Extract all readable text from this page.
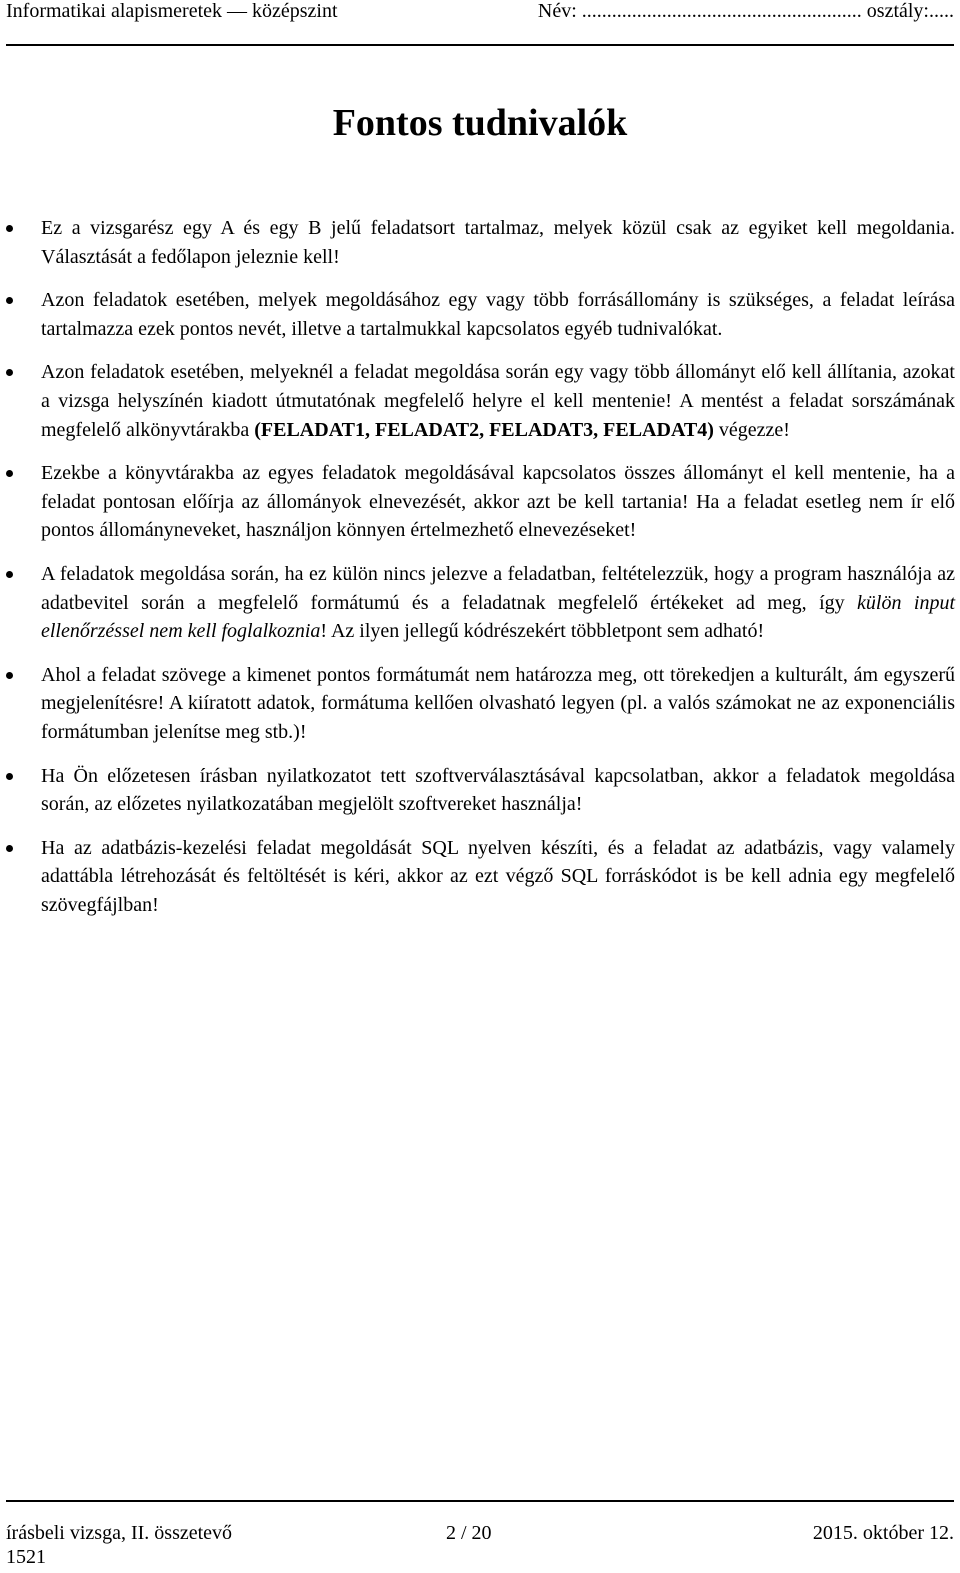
Informatikai alapismeretek — középszint	Név: ........................................................ osztály:.....
Fontos tudnivalók
Ez a vizsgarész egy A és egy B jelű feladatsort tartalmaz, melyek közül csak az egyiket kell megoldania. Választását a fedőlapon jeleznie kell!
Azon feladatok esetében, melyek megoldásához egy vagy több forrásállomány is szükséges, a feladat leírása tartalmazza ezek pontos nevét, illetve a tartalmukkal kapcsolatos egyéb tudnivalókat.
Azon feladatok esetében, melyeknél a feladat megoldása során egy vagy több állományt elő kell állítania, azokat a vizsga helyszínén kiadott útmutatónak megfelelő helyre el kell mentenie! A mentést a feladat sorszámának megfelelő alkönyvtárakba (FELADAT1, FELADAT2, FELADAT3, FELADAT4) végezze!
Ezekbe a könyvtárakba az egyes feladatok megoldásával kapcsolatos összes állományt el kell mentenie, ha a feladat pontosan előírja az állományok elnevezését, akkor azt be kell tartania! Ha a feladat esetleg nem ír elő pontos állományneveket, használjon könnyen értelmezhető elnevezéseket!
A feladatok megoldása során, ha ez külön nincs jelezve a feladatban, feltételezzük, hogy a program használója az adatbevitel során a megfelelő formátumú és a feladatnak megfelelő értékeket ad meg, így külön input ellenőrzéssel nem kell foglalkoznia! Az ilyen jellegű kódrészekért többletpont sem adható!
Ahol a feladat szövege a kimenet pontos formátumát nem határozza meg, ott törekedjen a kulturált, ám egyszerű megjelenítésre! A kiíratott adatok, formátuma kellően olvasható legyen (pl. a valós számokat ne az exponenciális formátumban jelenítse meg stb.)!
Ha Ön előzetesen írásban nyilatkozatot tett szoftverválasztásával kapcsolatban, akkor a feladatok megoldása során, az előzetes nyilatkozatában megjelölt szoftvereket használja!
Ha az adatbázis-kezelési feladat megoldását SQL nyelven készíti, és a feladat az adatbázis, vagy valamely adattábla létrehozását és feltöltését is kéri, akkor az ezt végző SQL forráskódot is be kell adnia egy megfelelő szövegfájlban!
írásbeli vizsga, II. összetevő	2 / 20	2015. október 12.
1521
